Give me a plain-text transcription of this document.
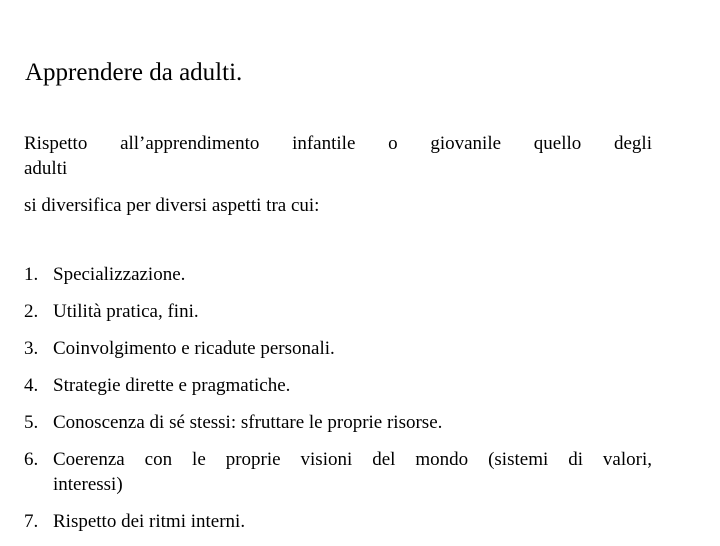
Apprendere da adulti.
Rispetto all’apprendimento infantile o giovanile quello degli
adulti
si diversifica per diversi aspetti tra cui:
1. Specializzazione.
2. Utilità pratica, fini.
3. Coinvolgimento e ricadute personali.
4. Strategie dirette e pragmatiche.
5. Conoscenza di sé stessi: sfruttare le proprie risorse.
6. Coerenza con le proprie visioni del mondo (sistemi di valori,
interessi)
7. Rispetto dei ritmi interni.
